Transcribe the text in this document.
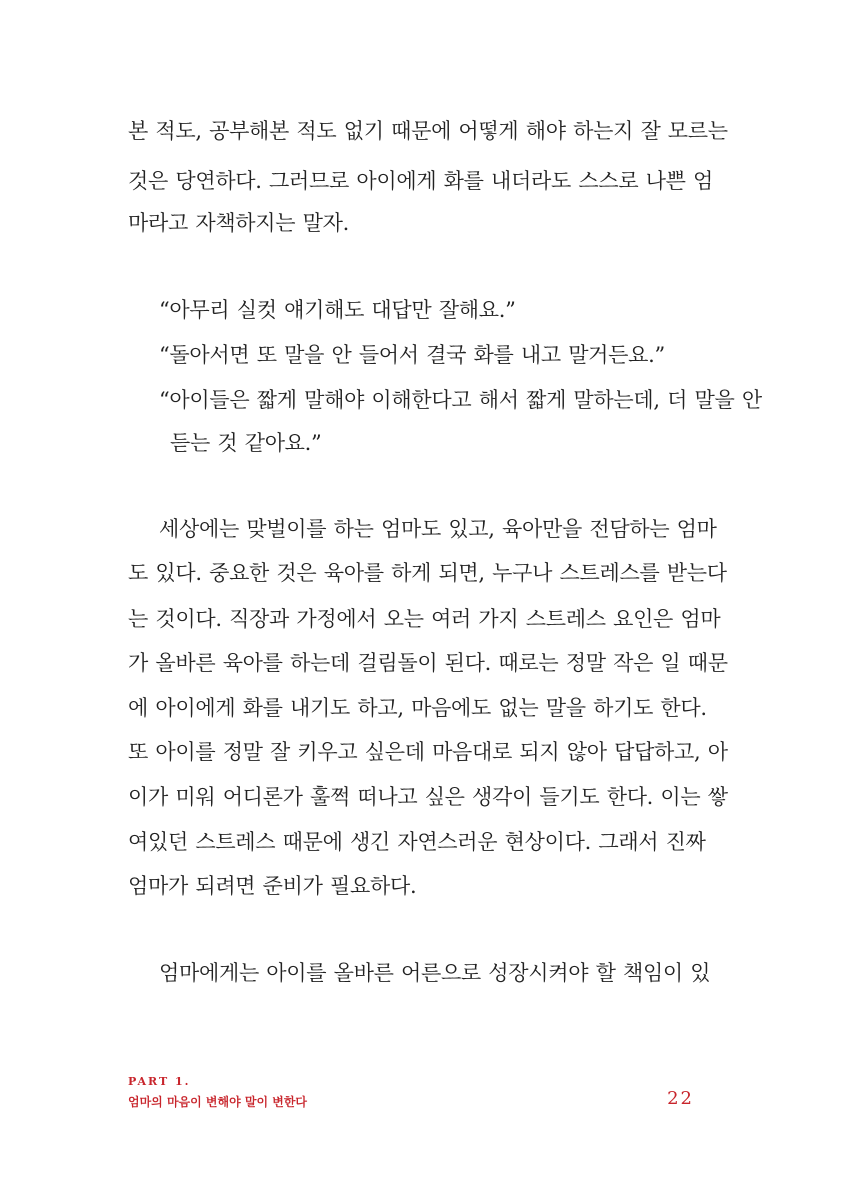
본 적도, 공부해본 적도 없기 때문에 어떻게 해야 하는지 잘 모르는
것은 당연하다. 그러므로 아이에게 화를 내더라도 스스로 나쁜 엄
마라고 자책하지는 말자.
“아무리 실컷 얘기해도 대답만 잘해요.”
“돌아서면 또 말을 안 들어서 결국 화를 내고 말거든요.”
“아이들은 짧게 말해야 이해한다고 해서 짧게 말하는데, 더 말을 안
듣는 것 같아요.”
세상에는 맞벌이를 하는 엄마도 있고, 육아만을 전담하는 엄마
도 있다. 중요한 것은 육아를 하게 되면, 누구나 스트레스를 받는다
는 것이다. 직장과 가정에서 오는 여러 가지 스트레스 요인은 엄마
가 올바른 육아를 하는데 걸림돌이 된다. 때로는 정말 작은 일 때문
에 아이에게 화를 내기도 하고, 마음에도 없는 말을 하기도 한다.
또 아이를 정말 잘 키우고 싶은데 마음대로 되지 않아 답답하고, 아
이가 미워 어디론가 훌쩍 떠나고 싶은 생각이 들기도 한다. 이는 쌓
여있던 스트레스 때문에 생긴 자연스러운 현상이다. 그래서 진짜
엄마가 되려면 준비가 필요하다.
엄마에게는 아이를 올바른 어른으로 성장시켜야 할 책임이 있
PART 1.
엄마의 마음이 변해야 말이 변한다	22
